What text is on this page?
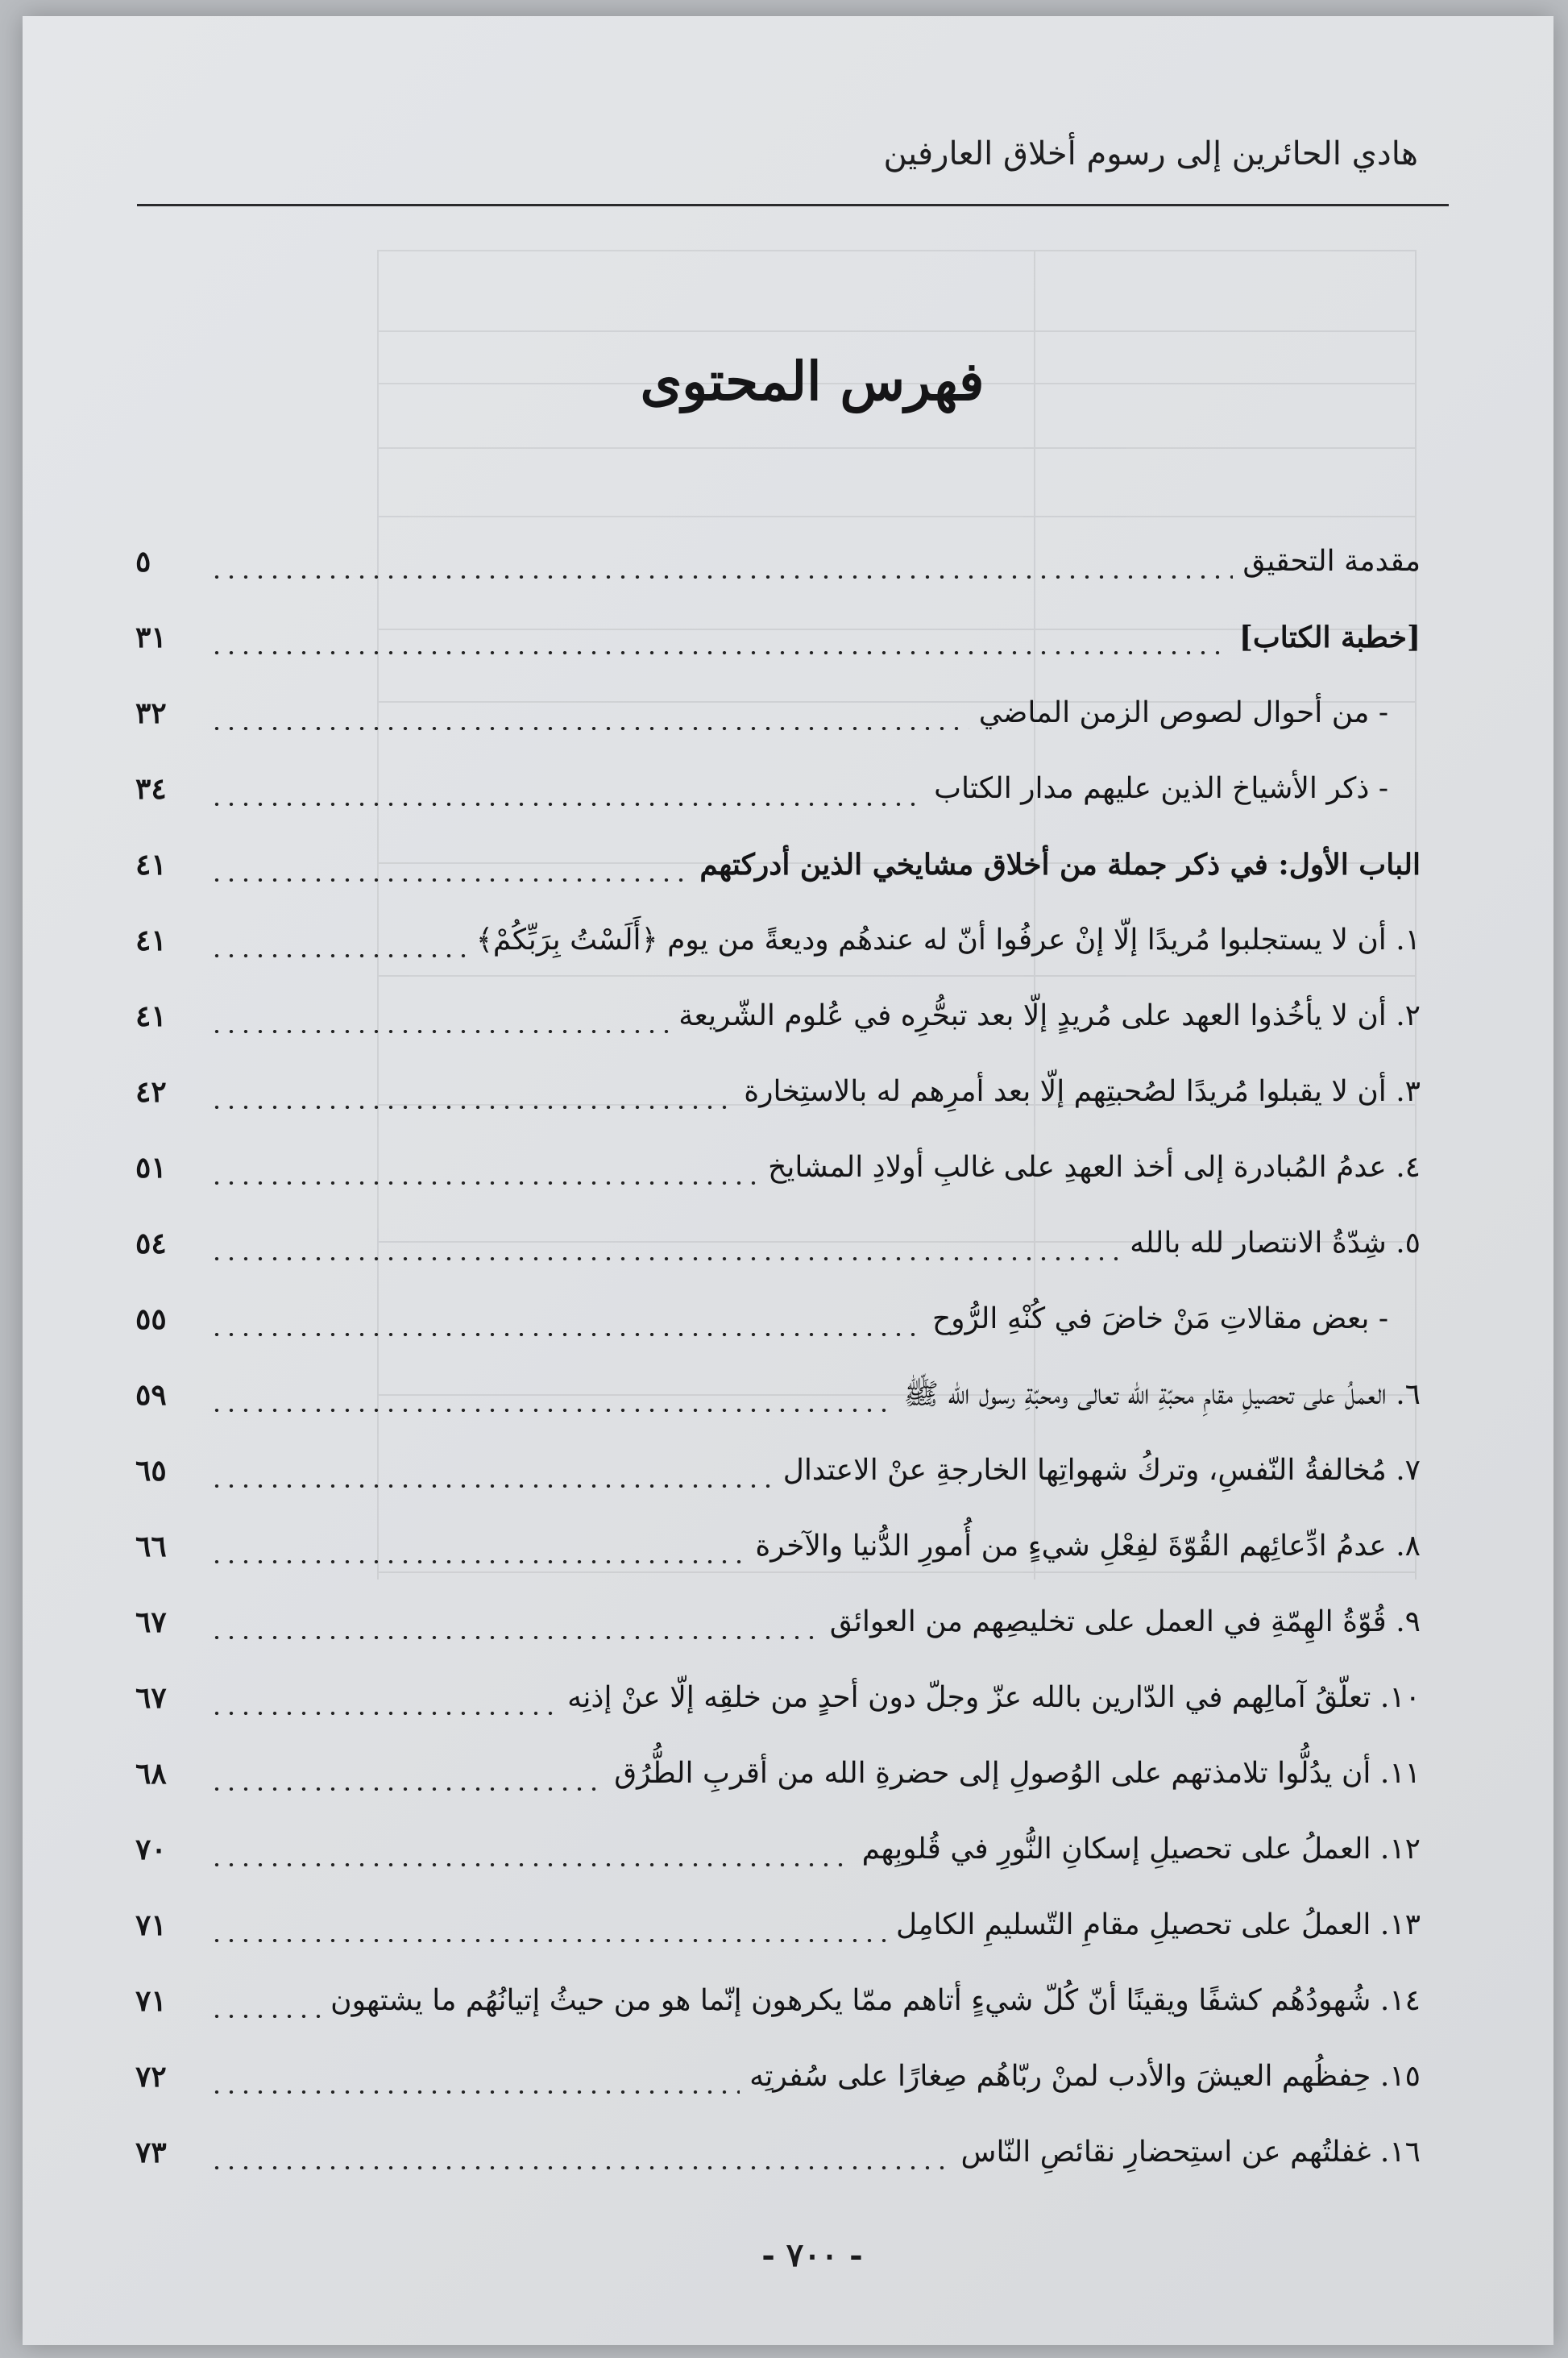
هادي الحائرين إلى رسوم أخلاق العارفين
فهرس المحتوى
مقدمة التحقيق
٥
[خطبة الكتاب]
٣١
- من أحوال لصوص الزمن الماضي
٣٢
- ذكر الأشياخ الذين عليهم مدار الكتاب
٣٤
الباب الأول: في ذكر جملة من أخلاق مشايخي الذين أدركتهم
٤١
١. أن لا يستجلبوا مُريدًا إلّا إنْ عرفُوا أنّ له عندهُم وديعةً من يوم ﴿أَلَسْتُ بِرَبِّكُمْ﴾
٤١
٢. أن لا يأخُذوا العهد على مُريدٍ إلّا بعد تبحُّرِه في عُلوم الشّريعة
٤١
٣. أن لا يقبلوا مُريدًا لصُحبتِهم إلّا بعد أمرِهم له بالاستِخارة
٤٢
٤. عدمُ المُبادرة إلى أخذ العهدِ على غالبِ أولادِ المشايخ
٥١
٥. شِدّةُ الانتصار لله بالله
٥٤
- بعض مقالاتِ مَنْ خاضَ في كُنْهِ الرُّوح
٥٥
٦. العملُ على تحصيلِ مقامِ محبّةِ الله تعالى ومحبّةِ رسول الله ﷺ
٥٩
٧. مُخالفةُ النّفسِ، وتركُ شهواتِها الخارجةِ عنْ الاعتدال
٦٥
٨. عدمُ ادِّعائِهم القُوّةَ لفِعْلِ شيءٍ من أُمورِ الدُّنيا والآخرة
٦٦
٩. قُوّةُ الهِمّةِ في العمل على تخليصِهم من العوائق
٦٧
١٠. تعلّقُ آمالِهم في الدّارين بالله عزّ وجلّ دون أحدٍ من خلقِه إلّا عنْ إذنِه
٦٧
١١. أن يدُلُّوا تلامذتهم على الوُصولِ إلى حضرةِ الله من أقربِ الطُّرُق
٦٨
١٢. العملُ على تحصيلِ إسكانِ النُّورِ في قُلوبِهم
٧٠
١٣. العملُ على تحصيلِ مقامِ التّسليمِ الكامِل
٧١
١٤. شُهودُهُم كشفًا ويقينًا أنّ كُلّ شيءٍ أتاهم ممّا يكرهون إنّما هو من حيثُ إتيانُهُم ما يشتهون
٧١
١٥. حِفظُهم العيشَ والأدب لمنْ ربّاهُم صِغارًا على سُفرتِه
٧٢
١٦. غفلتُهم عن استِحضارِ نقائصِ النّاس
٧٣
- ٧٠٠ -
